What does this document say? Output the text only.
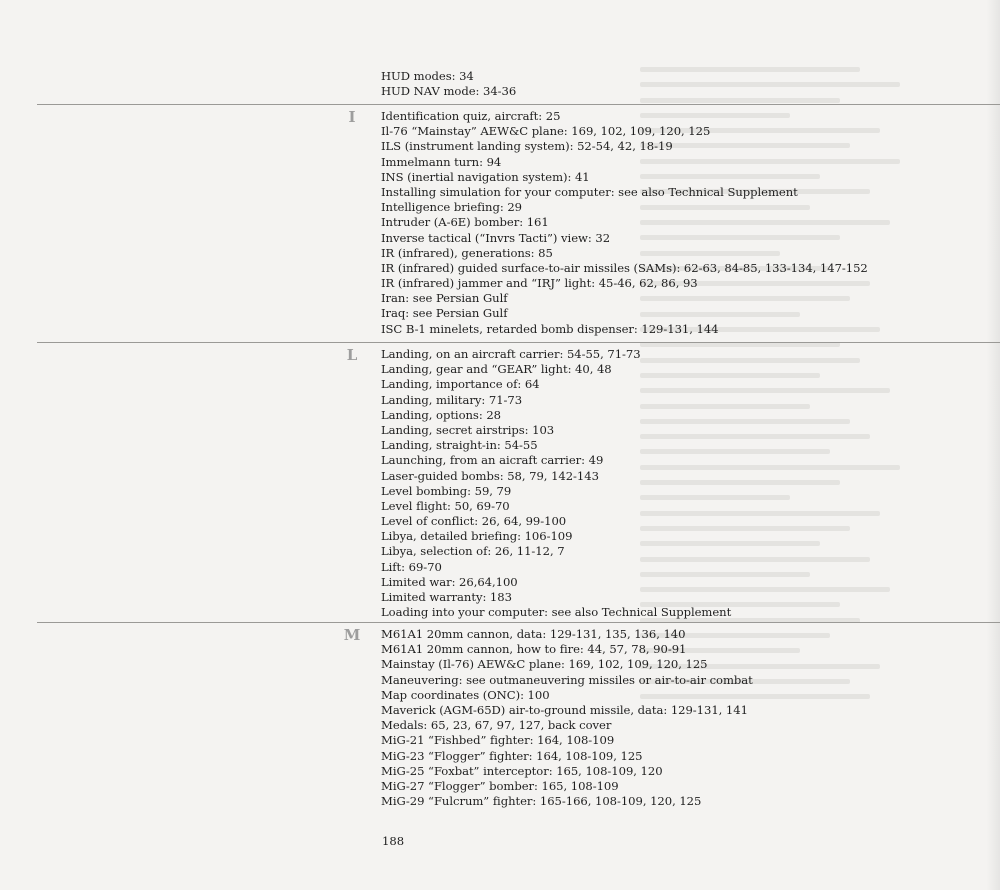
HUD modes: 34
HUD NAV mode: 34-36
I	Identification quiz, aircraft: 25
Il-76 “Mainstay” AEW&C plane: 169, 102, 109, 120, 125
ILS (instrument landing system): 52-54, 42, 18-19
Immelmann turn: 94
INS (inertial navigation system): 41
Installing simulation for your computer: see also Technical Supplement
Intelligence briefing: 29
Intruder (A-6E) bomber: 161
Inverse tactical (“Invrs Tacti”) view: 32
IR (infrared), generations: 85
IR (infrared) guided surface-to-air missiles (SAMs): 62-63, 84-85, 133-134, 147-152
IR (infrared) jammer and “IRJ” light: 45-46, 62, 86, 93
Iran: see Persian Gulf
Iraq: see Persian Gulf
ISC B-1 minelets, retarded bomb dispenser: 129-131, 144
L	Landing, on an aircraft carrier: 54-55, 71-73
Landing, gear and “GEAR” light: 40, 48
Landing, importance of: 64
Landing, military: 71-73
Landing, options: 28
Landing, secret airstrips: 103
Landing, straight-in: 54-55
Launching, from an aicraft carrier: 49
Laser-guided bombs: 58, 79, 142-143
Level bombing: 59, 79
Level flight: 50, 69-70
Level of conflict: 26, 64, 99-100
Libya, detailed briefing: 106-109
Libya, selection of: 26, 11-12, 7
Lift: 69-70
Limited war: 26,64,100
Limited warranty: 183
Loading into your computer: see also Technical Supplement
M M61A1 20mm cannon, data: 129-131, 135, 136, 140
M61A1 20mm cannon, how to fire: 44, 57, 78, 90-91
Mainstay (Il-76) AEW&C plane: 169, 102, 109, 120, 125
Maneuvering: see outmaneuvering missiles or air-to-air combat
Map coordinates (ONC): 100
Maverick (AGM-65D) air-to-ground missile, data: 129-131, 141
Medals: 65, 23, 67, 97, 127, back cover
MiG-21 “Fishbed” fighter: 164, 108-109
MiG-23 “Flogger” fighter: 164, 108-109, 125
MiG-25 “Foxbat” interceptor: 165, 108-109, 120
MiG-27 “Flogger” bomber: 165, 108-109
MiG-29 “Fulcrum” fighter: 165-166, 108-109, 120, 125
188
